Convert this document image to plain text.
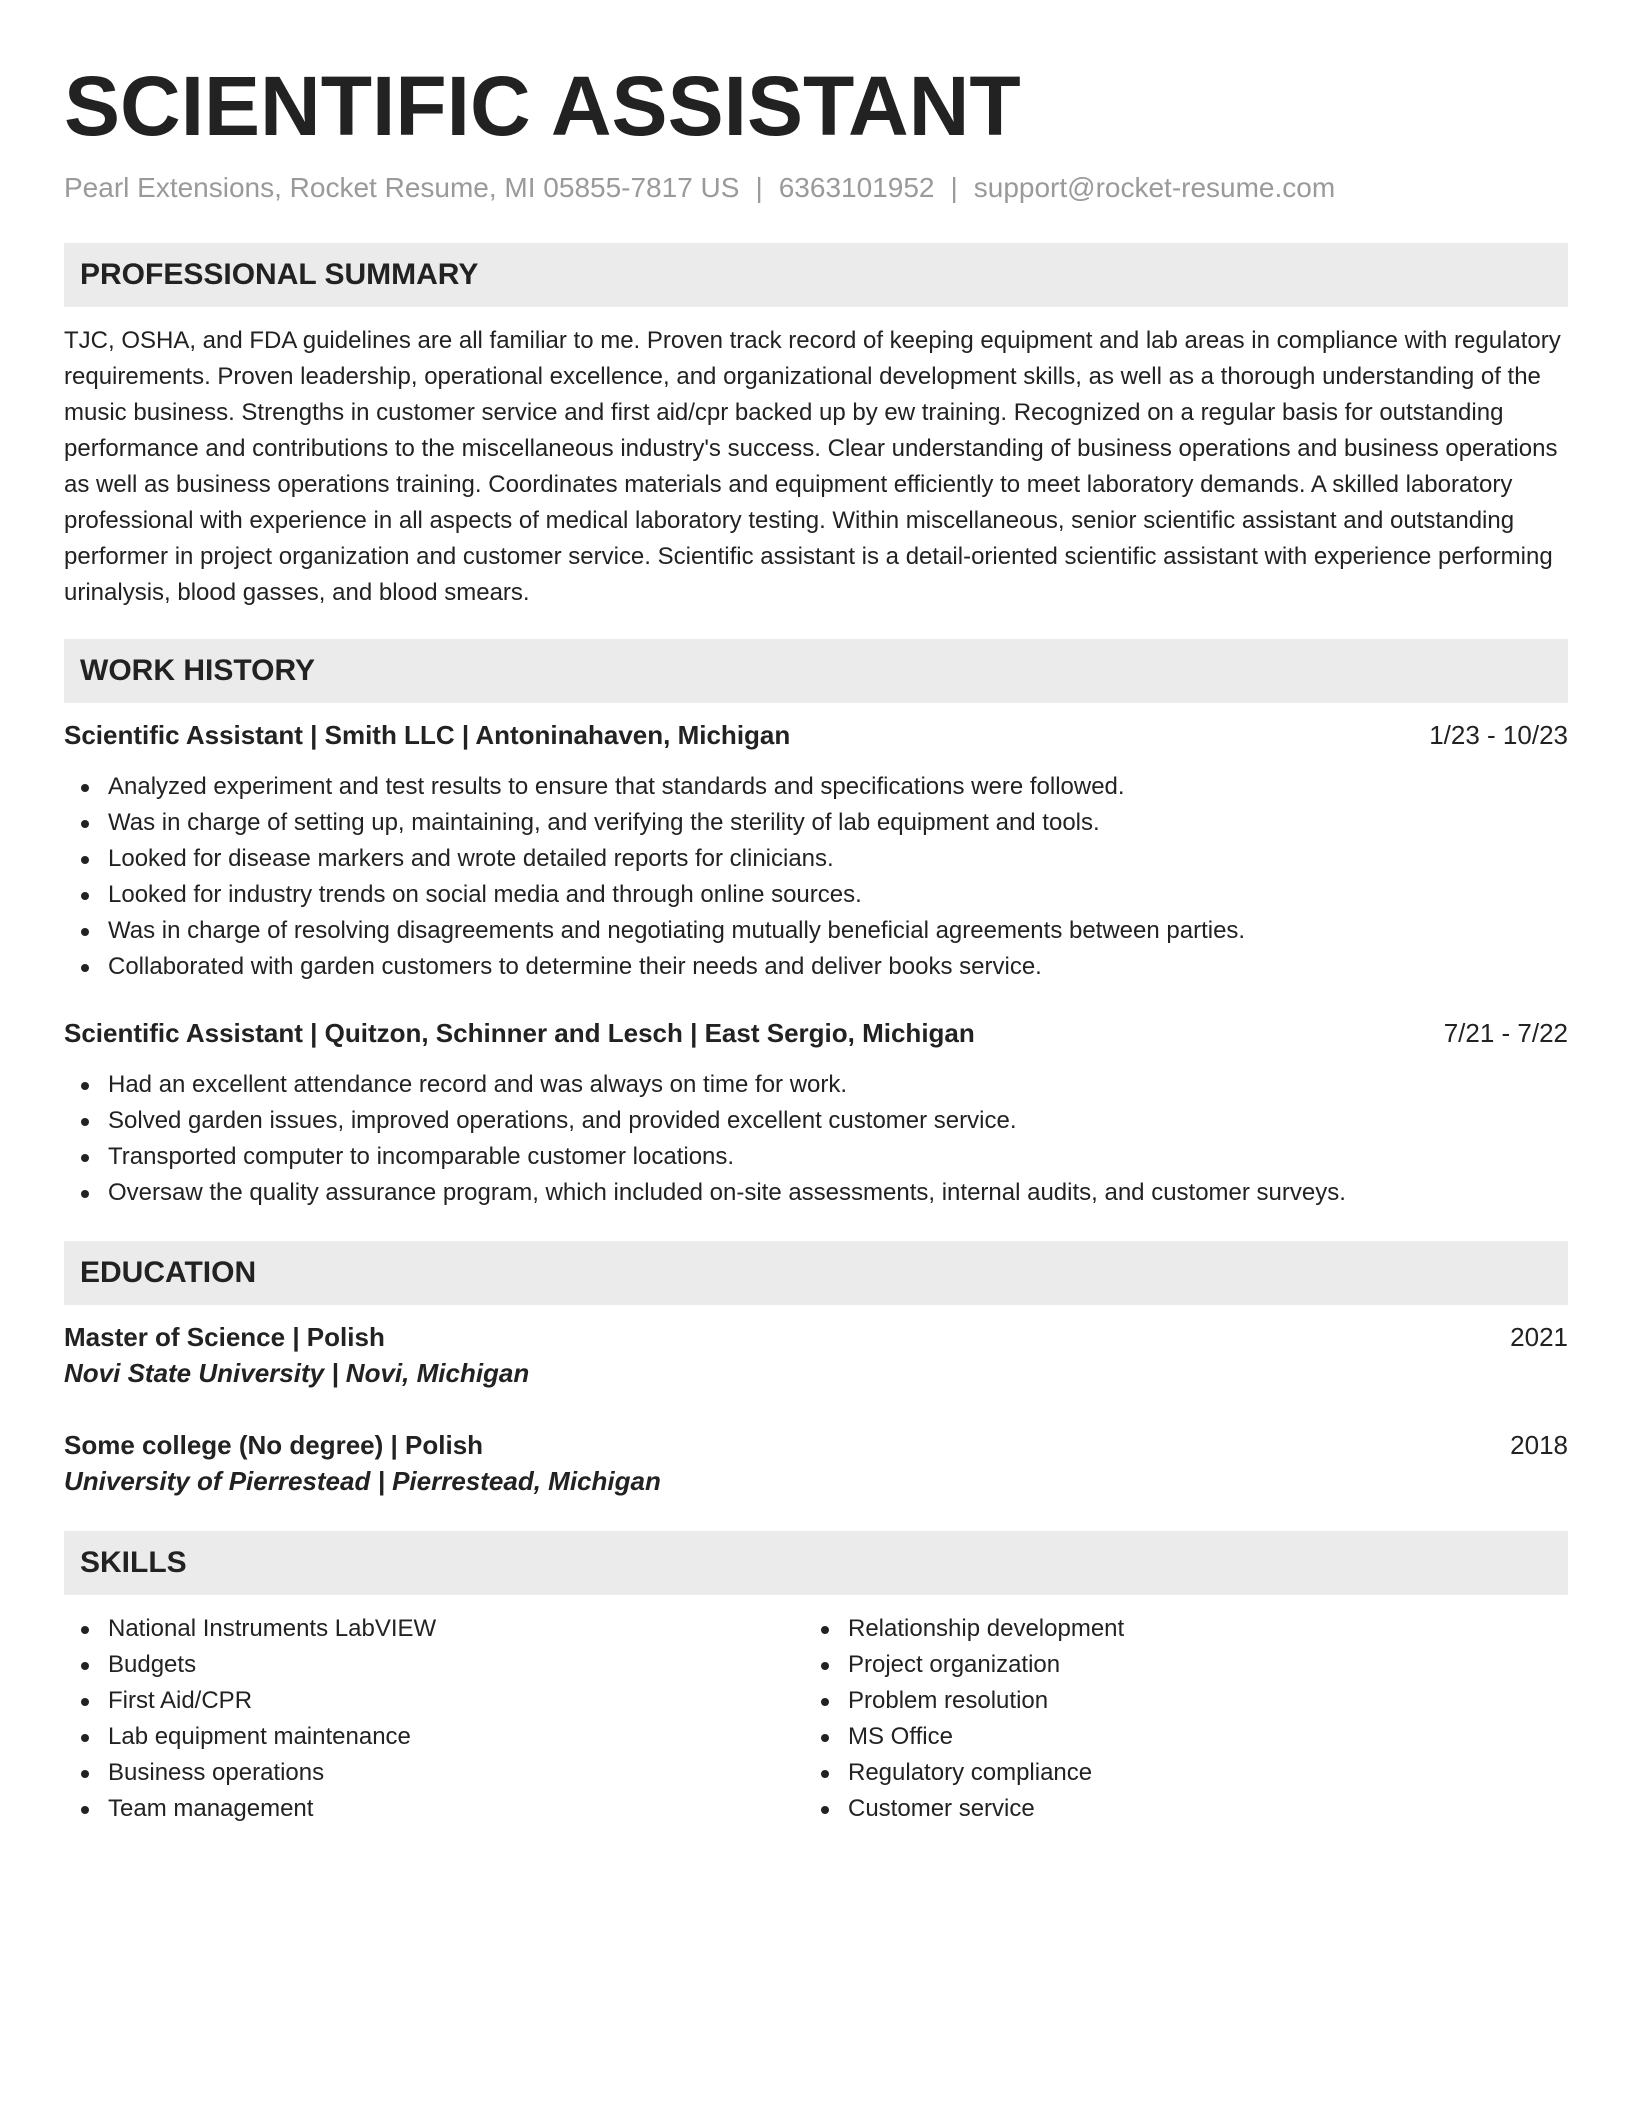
SCIENTIFIC ASSISTANT
Pearl Extensions, Rocket Resume, MI 05855-7817 US | 6363101952 | support@rocket-resume.com
PROFESSIONAL SUMMARY
TJC, OSHA, and FDA guidelines are all familiar to me. Proven track record of keeping equipment and lab areas in compliance with regulatory requirements. Proven leadership, operational excellence, and organizational development skills, as well as a thorough understanding of the music business. Strengths in customer service and first aid/cpr backed up by ew training. Recognized on a regular basis for outstanding performance and contributions to the miscellaneous industry's success. Clear understanding of business operations and business operations as well as business operations training. Coordinates materials and equipment efficiently to meet laboratory demands. A skilled laboratory professional with experience in all aspects of medical laboratory testing. Within miscellaneous, senior scientific assistant and outstanding performer in project organization and customer service. Scientific assistant is a detail-oriented scientific assistant with experience performing urinalysis, blood gasses, and blood smears.
WORK HISTORY
Scientific Assistant | Smith LLC | Antoninahaven, Michigan	1/23 - 10/23
Analyzed experiment and test results to ensure that standards and specifications were followed.
Was in charge of setting up, maintaining, and verifying the sterility of lab equipment and tools.
Looked for disease markers and wrote detailed reports for clinicians.
Looked for industry trends on social media and through online sources.
Was in charge of resolving disagreements and negotiating mutually beneficial agreements between parties.
Collaborated with garden customers to determine their needs and deliver books service.
Scientific Assistant | Quitzon, Schinner and Lesch | East Sergio, Michigan	7/21 - 7/22
Had an excellent attendance record and was always on time for work.
Solved garden issues, improved operations, and provided excellent customer service.
Transported computer to incomparable customer locations.
Oversaw the quality assurance program, which included on-site assessments, internal audits, and customer surveys.
EDUCATION
Master of Science | Polish	2021
Novi State University | Novi, Michigan
Some college (No degree) | Polish	2018
University of Pierrestead | Pierrestead, Michigan
SKILLS
National Instruments LabVIEW
Budgets
First Aid/CPR
Lab equipment maintenance
Business operations
Team management
Relationship development
Project organization
Problem resolution
MS Office
Regulatory compliance
Customer service
